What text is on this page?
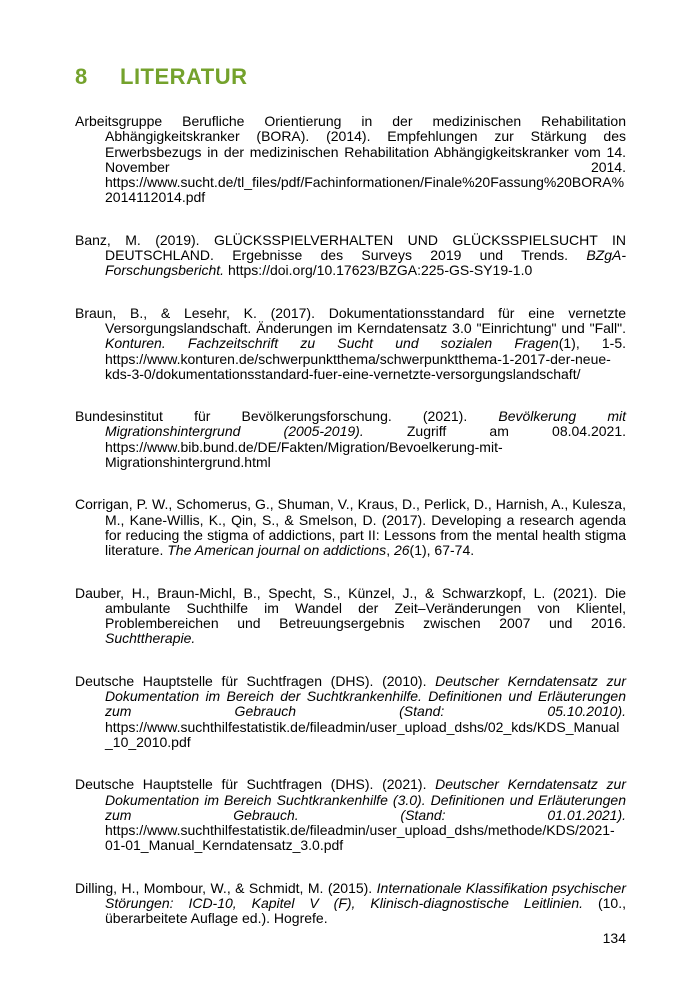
8	LITERATUR

Arbeitsgruppe Berufliche Orientierung in der medizinischen Rehabilitation Abhängigkeitskranker (BORA). (2014). Empfehlungen zur Stärkung des Erwerbsbezugs in der medizinischen Rehabilitation Abhängigkeitskranker vom 14. November 2014. https://www.sucht.de/tl_files/pdf/Fachinformationen/Finale%20Fassung%20BORA%2014112014.pdf

Banz, M. (2019). GLÜCKSSPIELVERHALTEN UND GLÜCKSSPIELSUCHT IN DEUTSCHLAND. Ergebnisse des Surveys 2019 und Trends. BZgA-Forschungsbericht. https://doi.org/10.17623/BZGA:225-GS-SY19-1.0

Braun, B., & Lesehr, K. (2017). Dokumentationsstandard für eine vernetzte Versorgungslandschaft. Änderungen im Kerndatensatz 3.0 "Einrichtung" und "Fall". Konturen. Fachzeitschrift zu Sucht und sozialen Fragen(1), 1-5. https://www.konturen.de/schwerpunktthema/schwerpunktthema-1-2017-der-neue-kds-3-0/dokumentationsstandard-fuer-eine-vernetzte-versorgungslandschaft/

Bundesinstitut für Bevölkerungsforschung. (2021). Bevölkerung mit Migrationshintergrund (2005-2019). Zugriff am 08.04.2021. https://www.bib.bund.de/DE/Fakten/Migration/Bevoelkerung-mit-Migrationshintergrund.html

Corrigan, P. W., Schomerus, G., Shuman, V., Kraus, D., Perlick, D., Harnish, A., Kulesza, M., Kane-Willis, K., Qin, S., & Smelson, D. (2017). Developing a research agenda for reducing the stigma of addictions, part II: Lessons from the mental health stigma literature. The American journal on addictions, 26(1), 67-74.

Dauber, H., Braun-Michl, B., Specht, S., Künzel, J., & Schwarzkopf, L. (2021). Die ambulante Suchthilfe im Wandel der Zeit–Veränderungen von Klientel, Problembereichen und Betreuungsergebnis zwischen 2007 und 2016. Suchttherapie.

Deutsche Hauptstelle für Suchtfragen (DHS). (2010). Deutscher Kerndatensatz zur Dokumentation im Bereich der Suchtkrankenhilfe. Definitionen und Erläuterungen zum Gebrauch (Stand: 05.10.2010). https://www.suchthilfestatistik.de/fileadmin/user_upload_dshs/02_kds/KDS_Manual_10_2010.pdf

Deutsche Hauptstelle für Suchtfragen (DHS). (2021). Deutscher Kerndatensatz zur Dokumentation im Bereich Suchtkrankenhilfe (3.0). Definitionen und Erläuterungen zum Gebrauch. (Stand: 01.01.2021). https://www.suchthilfestatistik.de/fileadmin/user_upload_dshs/methode/KDS/2021-01-01_Manual_Kerndatensatz_3.0.pdf

Dilling, H., Mombour, W., & Schmidt, M. (2015). Internationale Klassifikation psychischer Störungen: ICD-10, Kapitel V (F), Klinisch-diagnostische Leitlinien. (10., überarbeitete Auflage ed.). Hogrefe.

134
